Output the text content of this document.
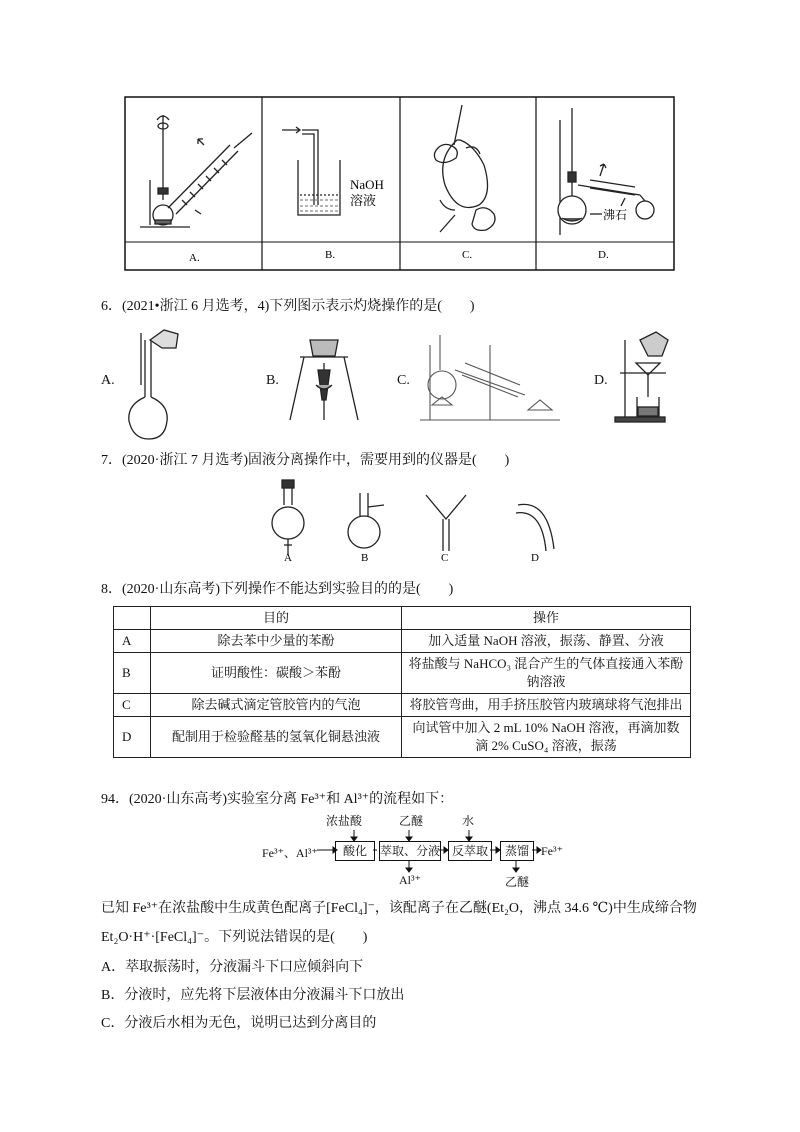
NaOH
溶液
沸石
A.	B.	C.	D.
6．(2021•浙江 6 月选考，4)下列图示表示灼烧操作的是(　　)
A.	B.	C.	D.
7．(2020·浙江 7 月选考)固液分离操作中，需要用到的仪器是(　　)
A	B	C	D
8．(2020·山东高考)下列操作不能达到实验目的的是(　　)
	目的	操作
A	除去苯中少量的苯酚	加入适量 NaOH 溶液，振荡、静置、分液
B	证明酸性：碳酸＞苯酚	将盐酸与 NaHCO₃ 混合产生的气体直接通入苯酚钠溶液
C	除去碱式滴定管胶管内的气泡	将胶管弯曲，用手挤压胶管内玻璃球将气泡排出
D	配制用于检验醛基的氢氧化铜悬浊液	向试管中加入 2 mL 10% NaOH 溶液，再滴加数滴 2% CuSO₄ 溶液，振荡
94．(2020·山东高考)实验室分离 Fe³⁺和 Al³⁺的流程如下：
浓盐酸	乙醚	水
Fe³⁺、Al³⁺	酸化	萃取、分液 反萃取	蒸馏	Fe³⁺
Al³⁺	乙醚
已知 Fe³⁺在浓盐酸中生成黄色配离子[FeCl₄]⁻，该配离子在乙醚(Et₂O，沸点 34.6 ℃)中生成缔合物
Et₂O·H⁺·[FeCl₄]⁻。下列说法错误的是(　　)
A．萃取振荡时，分液漏斗下口应倾斜向下
B．分液时，应先将下层液体由分液漏斗下口放出
C．分液后水相为无色，说明已达到分离目的
